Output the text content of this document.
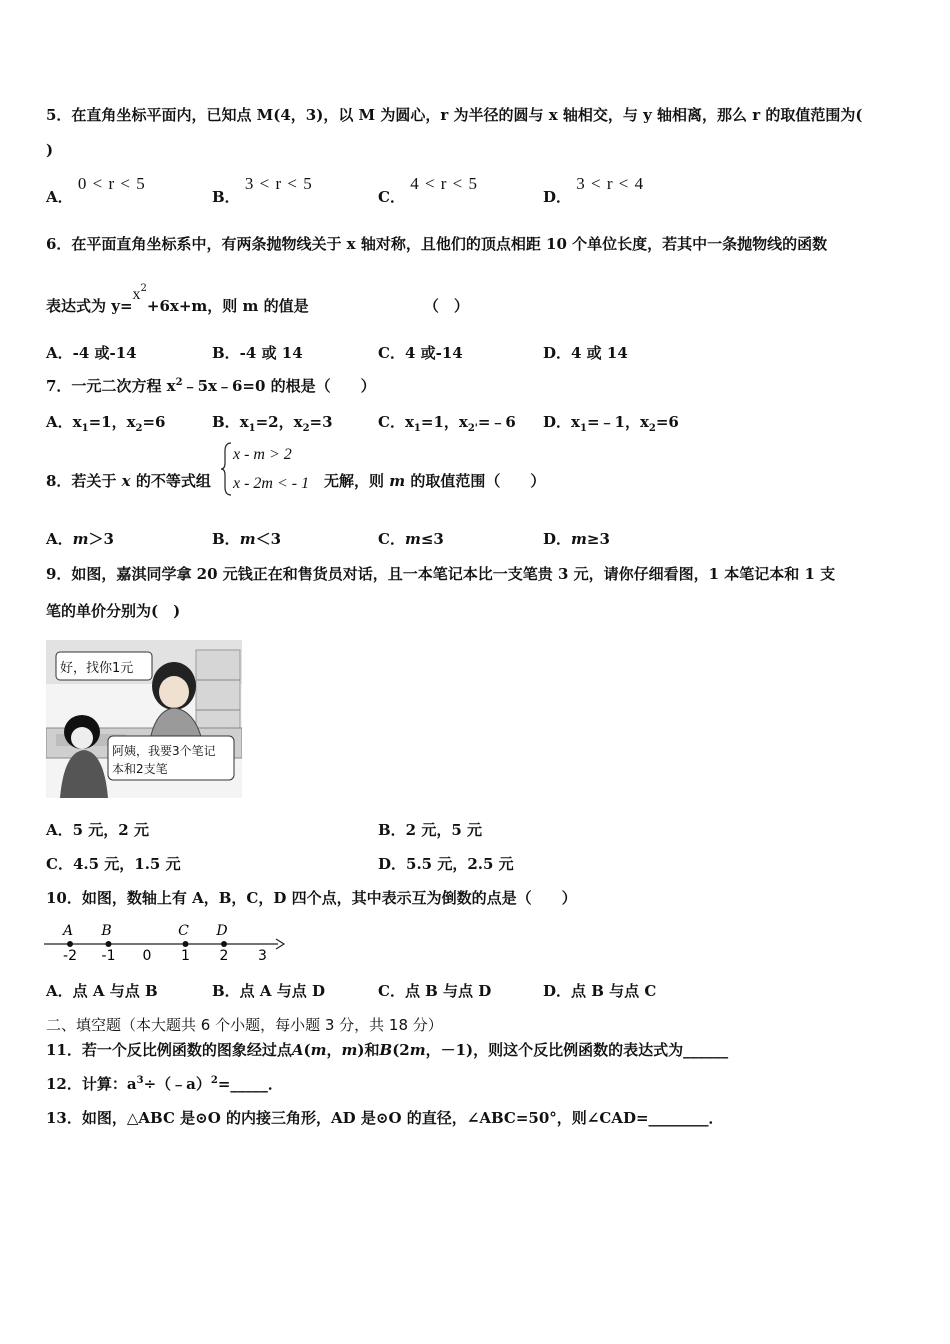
5．在直角坐标平面内，已知点 M(4，3)，以 M 为圆心，r 为半径的圆与 x 轴相交，与 y 轴相离，那么 r 的取值范围为(
)
A． 0 < r < 5
B． 3 < r < 5
C． 4 < r < 5
D． 3 < r < 4
6．在平面直角坐标系中，有两条抛物线关于 x 轴对称，且他们的顶点相距 10 个单位长度，若其中一条抛物线的函数
表达式为 $y=x^2+6x+m$，则 m 的值是	（　）
A．-4 或-14	B．-4 或 14	C．4 或-14	D．4 或 14
7．一元二次方程 $x^2﹣5x﹣6=0$ 的根是（　　）
A．$x_1=1$，$x_2=6$	B．$x_1=2$，$x_2=3$	C．$x_1=1$，$x_{2'}=﹣6$ D．$x_1=﹣1$，$x_2=6$
8．若关于 x 的不等式组
x - m > 2
x - 2m < - 1 无解，则 m 的取值范围（　　）
A．m＞3	B．m＜3	C．m≤3	D．m≥3
9．如图，嘉淇同学拿 20 元钱正在和售货员对话，且一本笔记本比一支笔贵 3 元，请你仔细看图，1 本笔记本和 1 支
笔的单价分别为(　)
好，找你1元
阿姨，我要3个笔记
本和2支笔
A．5 元，2 元	B．2 元，5 元
C．4.5 元，1.5 元	D．5.5 元，2.5 元
10．如图，数轴上有 A，B，C，D 四个点，其中表示互为倒数的点是（　　）
-2 -1 0 1 2 3
A B	C D
A．点 A 与点 B	B．点 A 与点 D	C．点 B 与点 D	D．点 B 与点 C
二、填空题（本大题共 6 个小题，每小题 3 分，共 18 分）
11．若一个反比例函数的图象经过点A(m，m)和B(2m，－1)，则这个反比例函数的表达式为______
12．计算：$a^3\div(﹣a)^2=\_\_\_\_\_$．
13．如图，△ABC 是⊙O 的内接三角形，AD 是⊙O 的直径，∠ABC=50°，则∠CAD=________．
